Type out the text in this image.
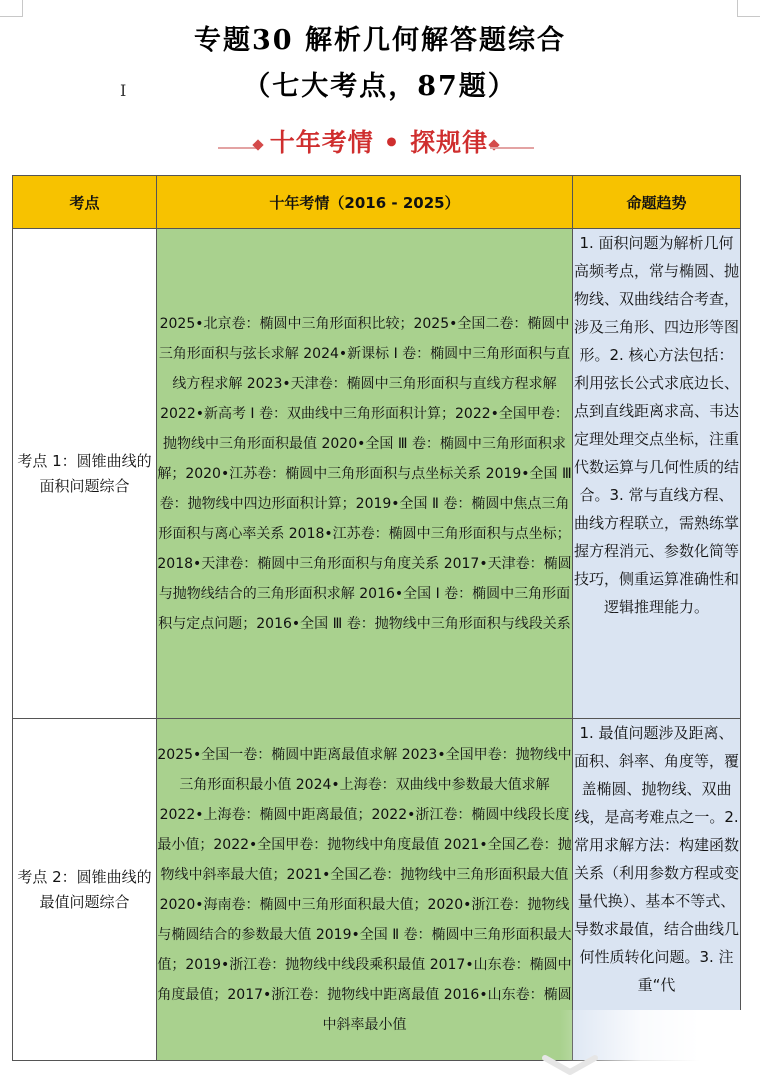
专题30 解析几何解答题综合
（七大考点，87题）
I
十年考情 • 探规律
考点	十年考情（2016 - 2025）	命题趋势
考点 1：圆锥曲线的面积问题综合	2025•北京卷：椭圆中三角形面积比较；2025•全国二卷：椭圆中三角形面积与弦长求解 2024•新课标 Ⅰ 卷：椭圆中三角形面积与直线方程求解 2023•天津卷：椭圆中三角形面积与直线方程求解 2022•新高考 Ⅰ 卷：双曲线中三角形面积计算；2022•全国甲卷：抛物线中三角形面积最值 2020•全国 Ⅲ 卷：椭圆中三角形面积求解；2020•江苏卷：椭圆中三角形面积与点坐标关系 2019•全国 Ⅲ 卷：抛物线中四边形面积计算；2019•全国 Ⅱ 卷：椭圆中焦点三角形面积与离心率关系 2018•江苏卷：椭圆中三角形面积与点坐标；2018•天津卷：椭圆中三角形面积与角度关系 2017•天津卷：椭圆与抛物线结合的三角形面积求解 2016•全国 Ⅰ 卷：椭圆中三角形面积与定点问题；2016•全国 Ⅲ 卷：抛物线中三角形面积与线段关系	1. 面积问题为解析几何高频考点，常与椭圆、抛物线、双曲线结合考查，涉及三角形、四边形等图形。2. 核心方法包括：利用弦长公式求底边长、点到直线距离求高、韦达定理处理交点坐标，注重代数运算与几何性质的结合。3. 常与直线方程、曲线方程联立，需熟练掌握方程消元、参数化简等技巧，侧重运算准确性和逻辑推理能力。
考点 2：圆锥曲线的最值问题综合	2025•全国一卷：椭圆中距离最值求解 2023•全国甲卷：抛物线中三角形面积最小值 2024•上海卷：双曲线中参数最大值求解 2022•上海卷：椭圆中距离最值；2022•浙江卷：椭圆中线段长度最小值；2022•全国甲卷：抛物线中角度最值 2021•全国乙卷：抛物线中斜率最大值；2021•全国乙卷：抛物线中三角形面积最大值 2020•海南卷：椭圆中三角形面积最大值；2020•浙江卷：抛物线与椭圆结合的参数最大值 2019•全国 Ⅱ 卷：椭圆中三角形面积最大值；2019•浙江卷：抛物线中线段乘积最值 2017•山东卷：椭圆中角度最值；2017•浙江卷：抛物线中距离最值 2016•山东卷：椭圆中斜率最小值	1. 最值问题涉及距离、面积、斜率、角度等，覆盖椭圆、抛物线、双曲线，是高考难点之一。2. 常用求解方法：构建函数关系（利用参数方程或变量代换）、基本不等式、导数求最值，结合曲线几何性质转化问题。3. 注重“代
